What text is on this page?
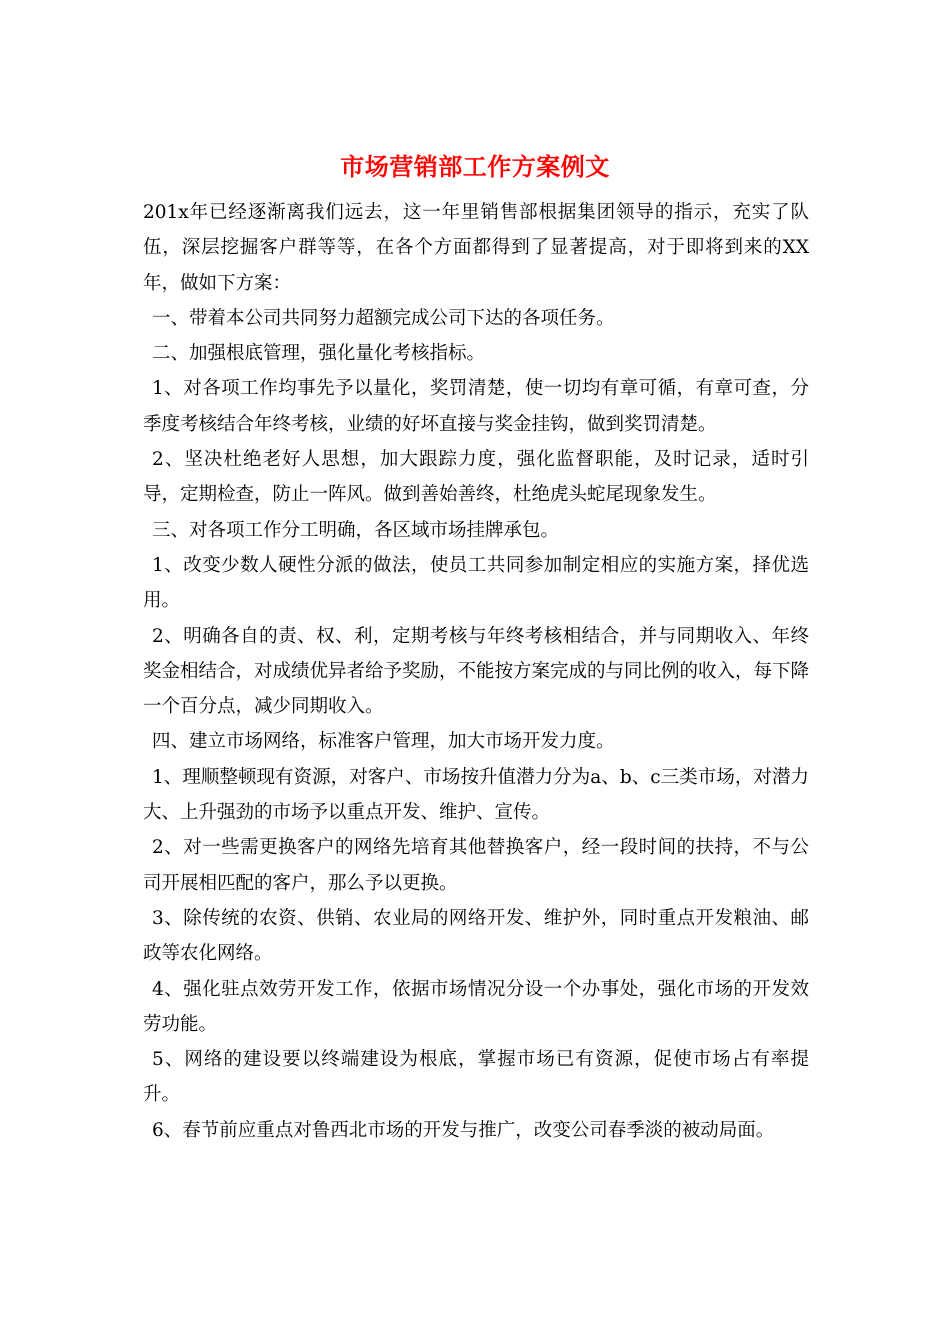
市场营销部工作方案例文

201x年已经逐渐离我们远去，这一年里销售部根据集团领导的指示，充实了队伍，深层挖掘客户群等等，在各个方面都得到了显著提高，对于即将到来的XX年，做如下方案：

一、带着本公司共同努力超额完成公司下达的各项任务。

二、加强根底管理，强化量化考核指标。

1、对各项工作均事先予以量化，奖罚清楚，使一切均有章可循，有章可查，分季度考核结合年终考核，业绩的好坏直接与奖金挂钩，做到奖罚清楚。

2、坚决杜绝老好人思想，加大跟踪力度，强化监督职能，及时记录，适时引导，定期检查，防止一阵风。做到善始善终，杜绝虎头蛇尾现象发生。

三、对各项工作分工明确，各区域市场挂牌承包。

1、改变少数人硬性分派的做法，使员工共同参加制定相应的实施方案，择优选用。

2、明确各自的责、权、利，定期考核与年终考核相结合，并与同期收入、年终奖金相结合，对成绩优异者给予奖励，不能按方案完成的与同比例的收入，每下降一个百分点，减少同期收入。

四、建立市场网络，标准客户管理，加大市场开发力度。

1、理顺整顿现有资源，对客户、市场按升值潜力分为a、b、c三类市场，对潜力大、上升强劲的市场予以重点开发、维护、宣传。

2、对一些需更换客户的网络先培育其他替换客户，经一段时间的扶持，不与公司开展相匹配的客户，那么予以更换。

3、除传统的农资、供销、农业局的网络开发、维护外，同时重点开发粮油、邮政等农化网络。

4、强化驻点效劳开发工作，依据市场情况分设一个办事处，强化市场的开发效劳功能。

5、网络的建设要以终端建设为根底，掌握市场已有资源，促使市场占有率提升。

6、春节前应重点对鲁西北市场的开发与推广，改变公司春季淡的被动局面。
